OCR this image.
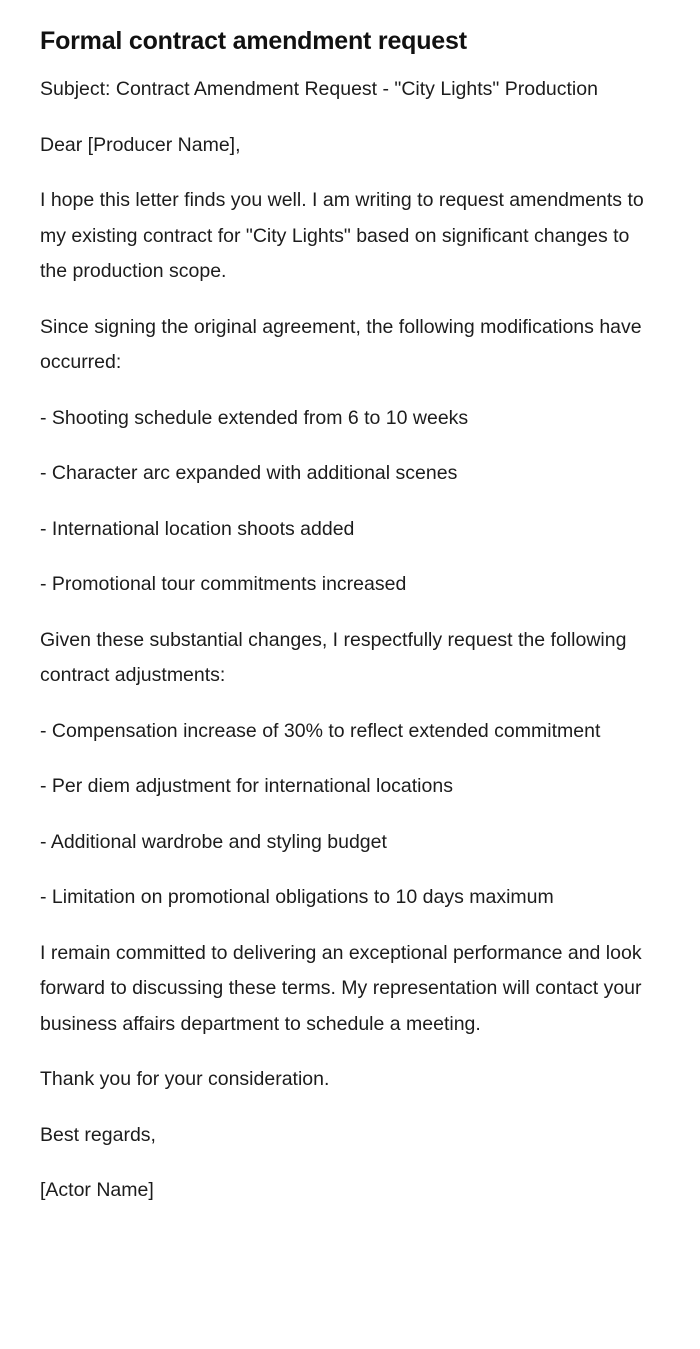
Formal contract amendment request

Subject: Contract Amendment Request - "City Lights" Production

Dear [Producer Name],

I hope this letter finds you well. I am writing to request amendments to my existing contract for "City Lights" based on significant changes to the production scope.

Since signing the original agreement, the following modifications have occurred:

- Shooting schedule extended from 6 to 10 weeks

- Character arc expanded with additional scenes

- International location shoots added

- Promotional tour commitments increased

Given these substantial changes, I respectfully request the following contract adjustments:

- Compensation increase of 30% to reflect extended commitment

- Per diem adjustment for international locations

- Additional wardrobe and styling budget

- Limitation on promotional obligations to 10 days maximum

I remain committed to delivering an exceptional performance and look forward to discussing these terms. My representation will contact your business affairs department to schedule a meeting.

Thank you for your consideration.

Best regards,

[Actor Name]
